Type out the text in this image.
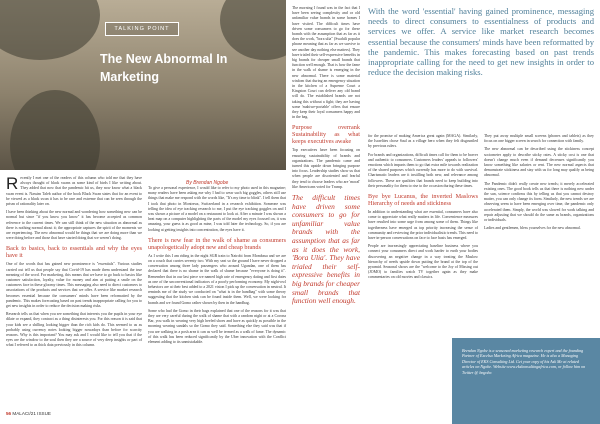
TALKING POINT
The New Abnormal In Marketing
By Brendan Ngobe

Recently I met one of the readers of this column who told me that they have always thought of black swans as some kind of birds I like writing about. They added that now that the pandemic hit us, they now know what a black swan event is. Nassim Taleb author of the book Black Swan states that for an event to be viewed as a black swan it has to be rare and extreme that can be seen through the prism of rationality later on.

I have been thinking about the new normal and wondering how something new can be normal but since "if you know you know" it has become accepted as common reference to the current times. We can still think of the new situation as abnormal as there is nothing normal about it; the appropriate captures the spirit of the moments we are experiencing. The new abnormal would be things that we are doing more than we were doing before and those that have started doing that we weren't doing.

Back to basics, back to essentials and why the eyes have it

One of the words that has gained new prominence is "essentials". Various studies carried out tell us that people say that Covid-19 has made them understand the true meaning of the word. For marketing, this means that we have to go back to basics like customer satisfaction, loyalty, value for money and aim at putting a smile on the customers face in these gloomy times. This messaging also need to direct customers to associations of the products and services that we offer. A service like market research becomes essential because the consumers' minds have been reformatted by the pandemic. This makes forecasting based on past trends inappropriate calling for you to get new insights in order to reduce the decision making risks.

Research tells us that when you see something that interests you the pupils in your eye dilate or expand, they contract as a thing disinterests you. For this reason it is said that your kids see a shilling looking bigger than the rich kids do. This seemed to us as probably using currency notes looking bigger nowadays than before for scarcity reasons. Why is this important? You may ask and I would like to tell you that if the eyes are the window to the soul then they are a source of very deep insights or part of what I referred to as thick data previously in this column.

To give a personal experience, I would like to refer to my photo used in this magazine; many readers have been asking me why I had to wear such big goggles, others still use things that make me respond with the words like, "It's my time to blink". I tell them that I took that photo in Montreux, Switzerland in a research exhibition. Someone was telling the idea of eye tracking research to me, I put the eye tracking goggles on and I was shown a picture of a model on a restaurant to look at. After a minute I was shown a heat map on a computer highlighting the parts of the model my eyes focused on, it was amazing, your guess is as good as mine, I was told later the technology. So, if you are looking at getting insights into concentration, the eyes have it.

There is new fear in the walk of shame as consumers unapologetically adopt new and cheap brands

As I write this I am riding in the night SGR train to Nairobi from Mombasa and we are on a couch that carries seventy two. With my seat so the ground I have never dropped a conversation among three lady passengers who around Ugandan, one of them has declared that there is no shame in the walk of shame because "everyone is doing it". Remember that in our last piece we named high rate of emergency dating and first dates as one of the unconventional indicators of a poorly performing economy. My night-owl behaviors are at their best added to a 2021 vision I pick up the conversation in neutral. It reminds me of the study we conducted on "what is in the handbag" with some theory suggesting that the kitchen sink can be found inside them. Well, we were looking for brands and we found Gomo rather shown by then in the handbag.

Some who had the Gomo in their bags explained that one of the reasons for it was that they are very careful during the walk of shame that with a random night or at a Corona Bar, you walk in wearing very high heeled shoes and have as quickly as possible in the morning wearing sandals so the Gomo they said. Something else they said was that if you are walking in a posh area it can as well be termed as a walk of fame. The dynamic of this walk has been reduced significantly by the Uber innovation with the Conflict element adding to its unmistakable.

The morning I found was in the fact that I have been seeing complexity and or old unfamiliar value brands in some homes I have visited. The difficult times have driven some consumers to go for these brands with the assumption that as far as it does the work, "bora ulia" (Swahili popular phrase meaning that as far as we survive to see another day nothing else matters). They have trialed their self-expressive benefits in big brands for cheaper small brands that function well enough. That is how the fame in the walk of shame is emerging in the new abnormal. There is some material wisdom that during an emergency situation in the kitchen of a Supreme Court a Kingston Court can deliver any old brand will do. The established brands are not taking this without a fight; they are having some 'mahiwe-portable' offers that ensure they keep their loyal consumers happy and in the bag.

Purpose overrank Sustainability as what keeps executives awake

Top executives have been focusing on ensuring sustainability of brands and organizations. The pandemic came and turned this upside down bringing purpose into focus. Leadership studies show us that when people are disoriented and fearful they tend to choose leaders who are 'moral' like Americans voted for Trump.

The difficult times have driven some consumers to go for unfamiliar value brands with the assumption that as far as it does the work, 'Bora Ulia'. They have trialed their self-expressive benefits in big brands for cheaper small brands that function well enough.
With the word 'essential' having gained prominence, messaging needs to direct consumers to essentialness of products and services we offer. A service like market research becomes essential because the consumers' minds have been reformatted by the pandemic. This makes forecasting based on past trends inappropriate calling for the need to get new insights in order to reduce the decision making risks.

for the promise of making America great again (MAGA). Similarly, the Israelites chose Saul as a village hero when they felt disgruntled by previous rulers.

For brands and organizations, difficult times call for them to be braver and authentic to consumers. Customers leaders' appeals to followers' emotions which imparts them to go that extra mile towards realization of the shared purposes which currently has more to do with survival. Charismatic leaders are it instilling both new, and relevance among followers. These are qualities that brands need to keep building into their personality for them to rise to the occasion during these times.

Bye bye Lucanus, the inverted Maslows Hierarchy of needs and stickiness

In addition to understanding what are essential, consumers have also come to appreciate what really matters in life. Convenience measures have resulted into some urge from among some of them. Things like togetherness have emerged as top priority increasing the sense of community and reviewing the prior individualistic trends. This need to have in-person conversations on face to face basis has emerged.

People are increasingly appreciating baseline business where you connect your consumers direct and work harder to earth your bodies discovering an negative change in a way treating the Maslow hierarchy of needs upside down putting the brand at the top of the pyramid. Seasonal shows are the "welcome to the Joy of Missing out (JOMO) to families watch TV together again as they make commentaries on old movies and classics.

They put away multiple small screens (phones and tablets) as they focus on one bigger screen in search for connection with family.

The new abnormal can be described using the stickiness concept sociometer apply to describe sticky rates. A sticky cost is one that doesn't change much even if demand decreases significantly you know something like salaries or rent. The new normal aspects that demonstrate stickiness and stay with us for long may qualify as being abnormal.

The Pandemic didn't really create new trends; it merely accelerated existing ones. The good book tells us that there is nothing new under the sun, science confirms this by telling us that you cannot destroy matter, you can only change its form. Similarly, the new trends we are observing seem to have been emerging over time, the pandemic only accelerated them. Simply, the world was slowed for work talking and repair adjusting that we should do the same as brands, organizations or individuals.

Ladies and gentlemen, bless yourselves for the new abnormal.

Brendan Ngobe is a seasoned marketing research expert and the founding Partner of Excelsa Marketing Africa magazine. He is also a Managing Director of EKS Consulting Ltd. Get your copy of his Ask Me at related articles on Ngobe. Website:www.ekskonsultingafrica.com, or follow him on Twitter @ bngobe.
56 MALACI/21 ISSUE
